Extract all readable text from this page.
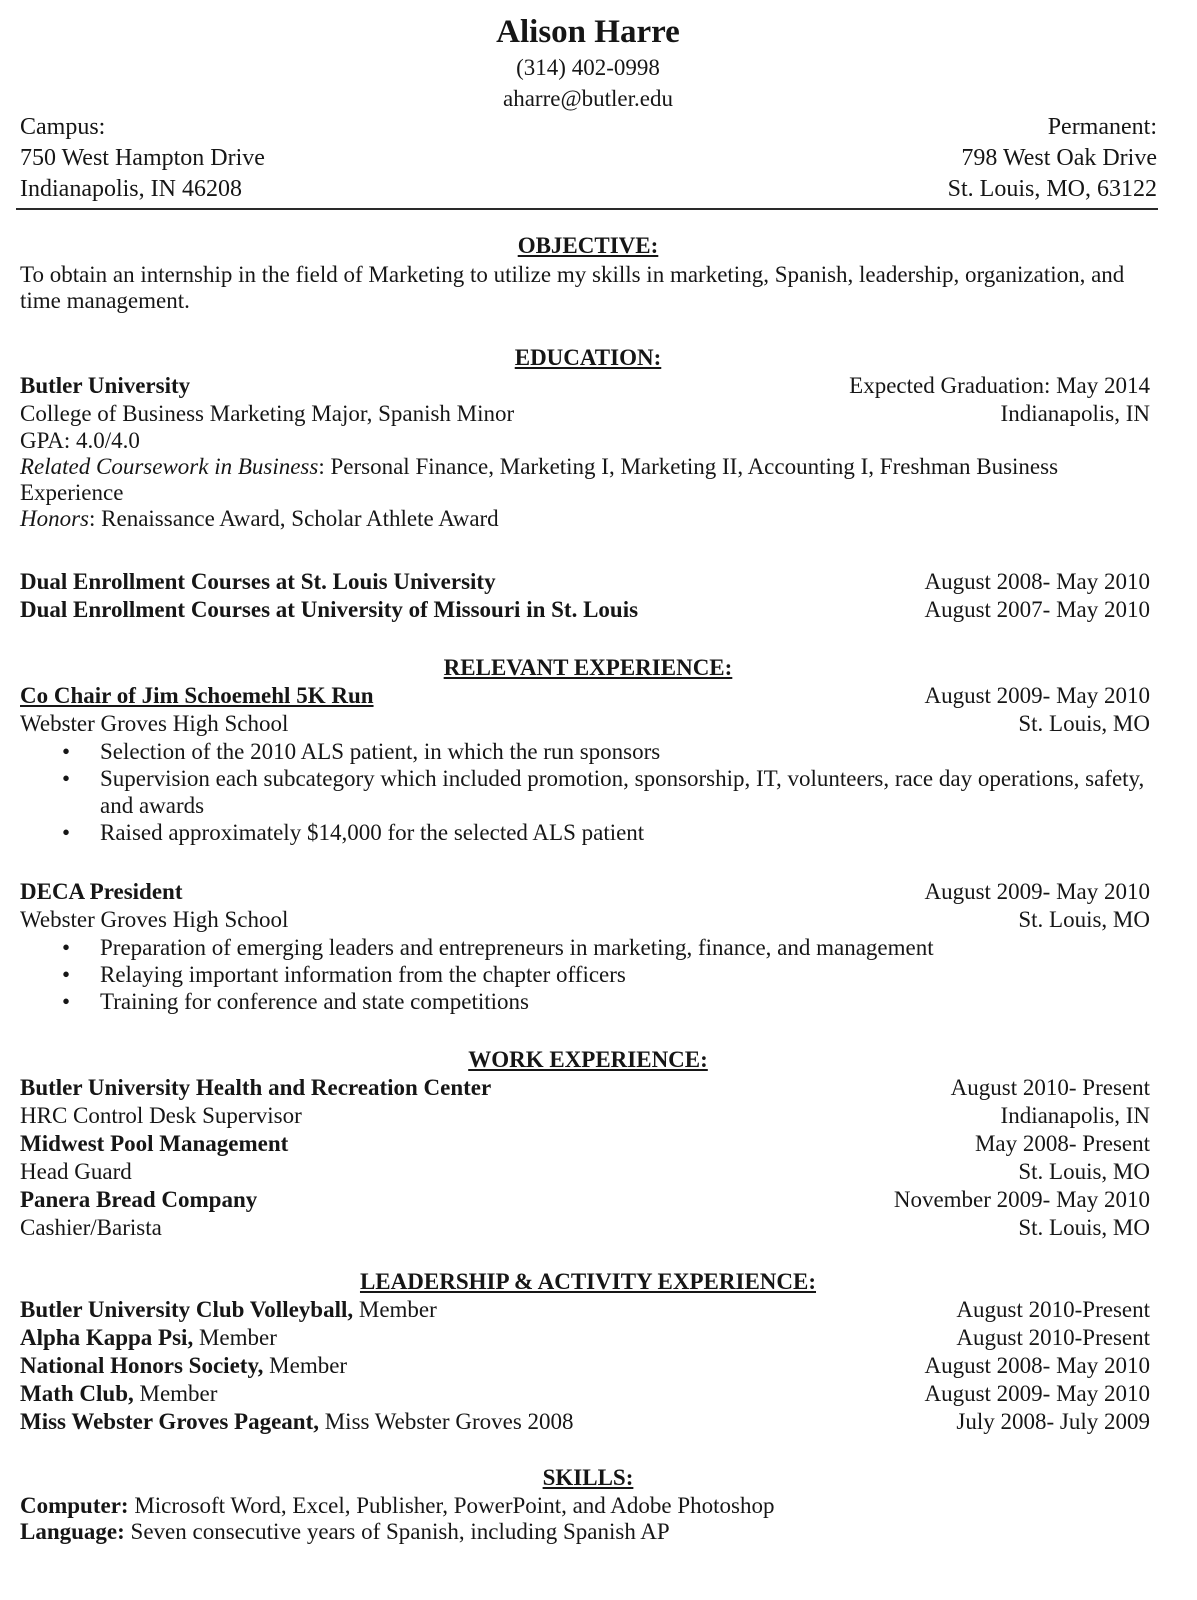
Alison Harre
(314) 402-0998
aharre@butler.edu
Campus:
750 West Hampton Drive
Indianapolis, IN 46208
Permanent:
798 West Oak Drive
St. Louis, MO, 63122
OBJECTIVE:
To obtain an internship in the field of Marketing to utilize my skills in marketing, Spanish, leadership, organization, and time management.
EDUCATION:
Butler University	Expected Graduation: May 2014
College of Business Marketing Major, Spanish Minor	Indianapolis, IN
GPA: 4.0/4.0
Related Coursework in Business: Personal Finance, Marketing I, Marketing II, Accounting I, Freshman Business Experience
Honors: Renaissance Award, Scholar Athlete Award
Dual Enrollment Courses at St. Louis University	August 2008- May 2010
Dual Enrollment Courses at University of Missouri in St. Louis	August 2007- May 2010
RELEVANT EXPERIENCE:
Co Chair of Jim Schoemehl 5K Run	August 2009- May 2010
Webster Groves High School	St. Louis, MO
• Selection of the 2010 ALS patient, in which the run sponsors
• Supervision each subcategory which included promotion, sponsorship, IT, volunteers, race day operations, safety, and awards
• Raised approximately $14,000 for the selected ALS patient
DECA President	August 2009- May 2010
Webster Groves High School	St. Louis, MO
• Preparation of emerging leaders and entrepreneurs in marketing, finance, and management
• Relaying important information from the chapter officers
• Training for conference and state competitions
WORK EXPERIENCE:
Butler University Health and Recreation Center	August 2010- Present
HRC Control Desk Supervisor	Indianapolis, IN
Midwest Pool Management	May 2008- Present
Head Guard	St. Louis, MO
Panera Bread Company	November 2009- May 2010
Cashier/Barista	St. Louis, MO
LEADERSHIP & ACTIVITY EXPERIENCE:
Butler University Club Volleyball, Member	August 2010-Present
Alpha Kappa Psi, Member	August 2010-Present
National Honors Society, Member	August 2008- May 2010
Math Club, Member	August 2009- May 2010
Miss Webster Groves Pageant, Miss Webster Groves 2008	July 2008- July 2009
SKILLS:
Computer: Microsoft Word, Excel, Publisher, PowerPoint, and Adobe Photoshop
Language: Seven consecutive years of Spanish, including Spanish AP
